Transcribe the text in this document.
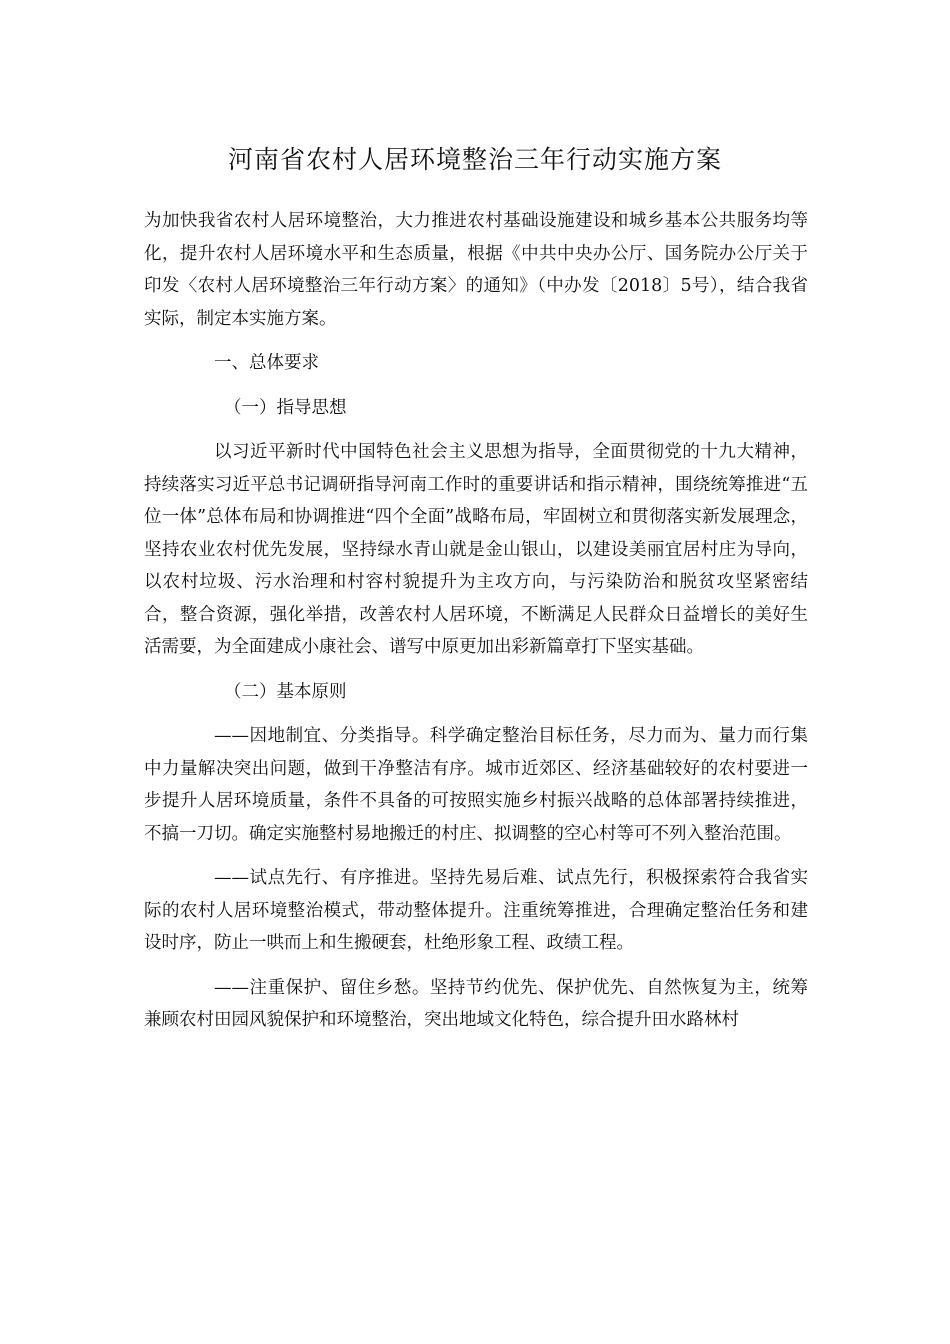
河南省农村人居环境整治三年行动实施方案

为加快我省农村人居环境整治，大力推进农村基础设施建设和城乡基本公共服务均等化，提升农村人居环境水平和生态质量，根据《中共中央办公厅、国务院办公厅关于印发〈农村人居环境整治三年行动方案〉的通知》（中办发〔2018〕5号），结合我省实际，制定本实施方案。

一、总体要求

（一）指导思想

以习近平新时代中国特色社会主义思想为指导，全面贯彻党的十九大精神，持续落实习近平总书记调研指导河南工作时的重要讲话和指示精神，围绕统筹推进“五位一体”总体布局和协调推进“四个全面”战略布局，牢固树立和贯彻落实新发展理念，坚持农业农村优先发展，坚持绿水青山就是金山银山，以建设美丽宜居村庄为导向，以农村垃圾、污水治理和村容村貌提升为主攻方向，与污染防治和脱贫攻坚紧密结合，整合资源，强化举措，改善农村人居环境，不断满足人民群众日益增长的美好生活需要，为全面建成小康社会、谱写中原更加出彩新篇章打下坚实基础。

（二）基本原则

——因地制宜、分类指导。科学确定整治目标任务，尽力而为、量力而行集中力量解决突出问题，做到干净整洁有序。城市近郊区、经济基础较好的农村要进一步提升人居环境质量，条件不具备的可按照实施乡村振兴战略的总体部署持续推进，不搞一刀切。确定实施整村易地搬迁的村庄、拟调整的空心村等可不列入整治范围。

——试点先行、有序推进。坚持先易后难、试点先行，积极探索符合我省实际的农村人居环境整治模式，带动整体提升。注重统筹推进，合理确定整治任务和建设时序，防止一哄而上和生搬硬套，杜绝形象工程、政绩工程。

——注重保护、留住乡愁。坚持节约优先、保护优先、自然恢复为主，统筹兼顾农村田园风貌保护和环境整治，突出地域文化特色，综合提升田水路林村
